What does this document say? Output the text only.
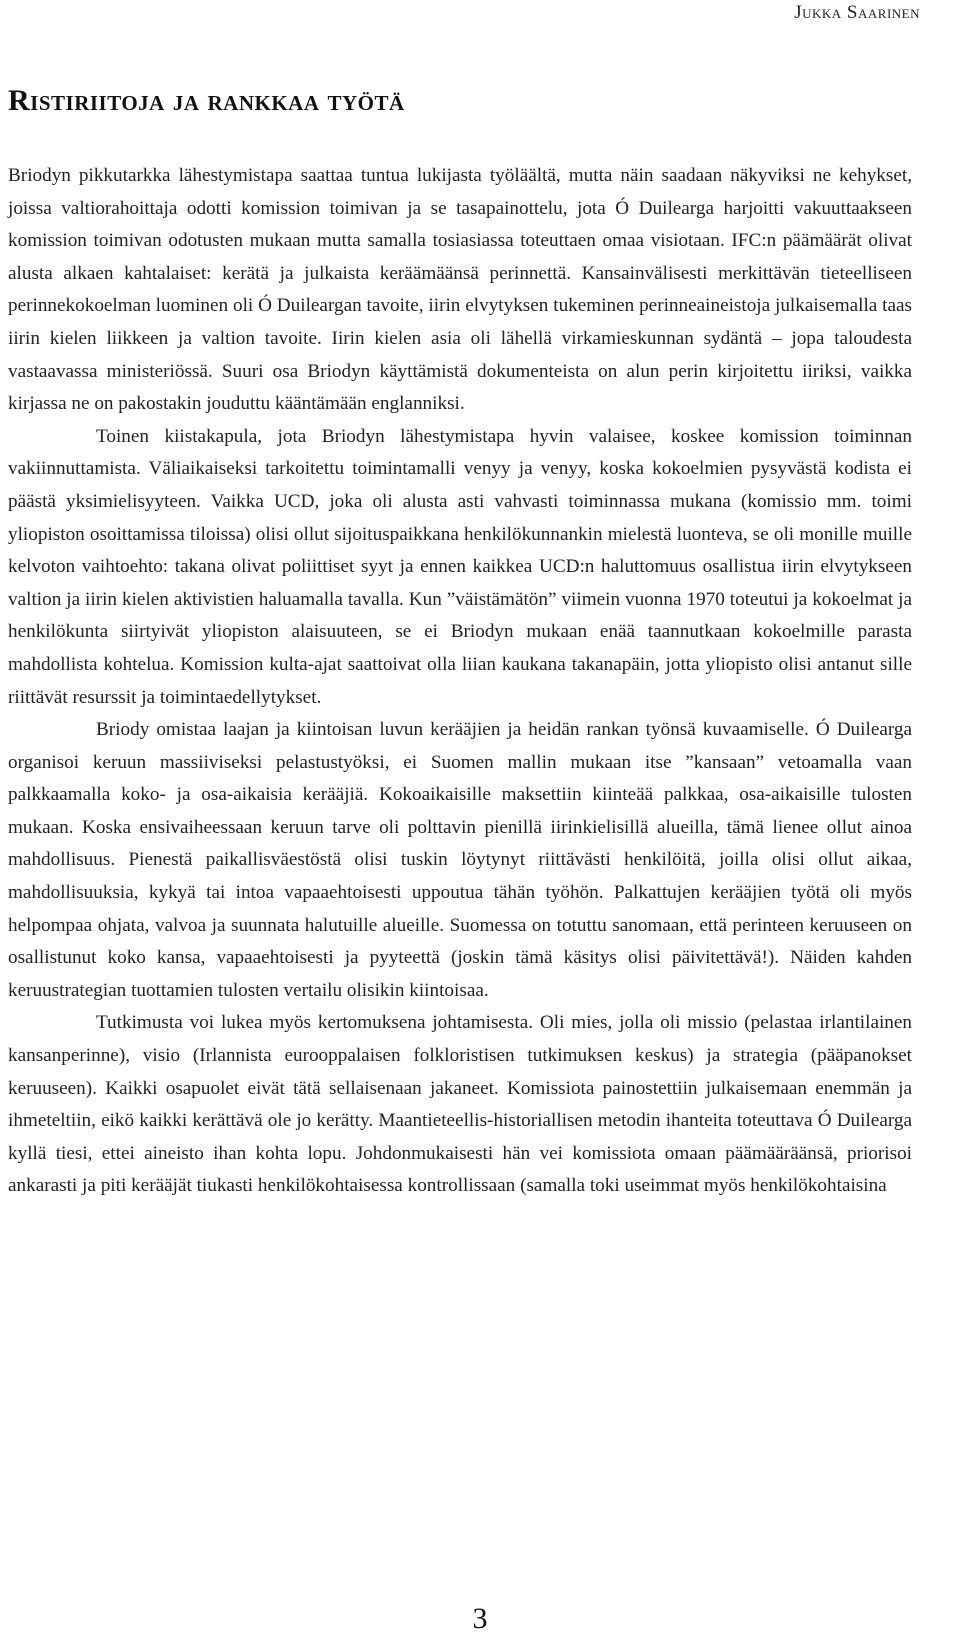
Jukka Saarinen
Ristiriitoja ja rankkaa työtä

Briodyn pikkutarkka lähestymistapa saattaa tuntua lukijasta työläältä, mutta näin saadaan näkyviksi ne kehykset, joissa valtiorahoittaja odotti komission toimivan ja se tasapainottelu, jota Ó Duilearga harjoitti vakuuttaakseen komission toimivan odotusten mukaan mutta samalla tosiasiassa toteuttaen omaa visiotaan. IFC:n päämäärät olivat alusta alkaen kahtalaiset: kerätä ja julkaista keräämäänsä perinnettä. Kansainvälisesti merkittävän tieteelliseen perinnekokoelman luominen oli Ó Duileargan tavoite, iirin elvytyksen tukeminen perinneaineistoja julkaisemalla taas iirin kielen liikkeen ja valtion tavoite. Iirin kielen asia oli lähellä virkamieskunnan sydäntä – jopa taloudesta vastaavassa ministeriössä. Suuri osa Briodyn käyttämistä dokumenteista on alun perin kirjoitettu iiriksi, vaikka kirjassa ne on pakostakin jouduttu kääntämään englanniksi.

Toinen kiistakapula, jota Briodyn lähestymistapa hyvin valaisee, koskee komission toiminnan vakiinnuttamista. Väliaikaiseksi tarkoitettu toimintamalli venyy ja venyy, koska kokoelmien pysyvästä kodista ei päästä yksimielisyyteen. Vaikka UCD, joka oli alusta asti vahvasti toiminnassa mukana (komissio mm. toimi yliopiston osoittamissa tiloissa) olisi ollut sijoituspaikkana henkilökunnankin mielestä luonteva, se oli monille muille kelvoton vaihtoehto: takana olivat poliittiset syyt ja ennen kaikkea UCD:n haluttomuus osallistua iirin elvytykseen valtion ja iirin kielen aktivistien haluamalla tavalla. Kun ”väistämätön” viimein vuonna 1970 toteutui ja kokoelmat ja henkilökunta siirtyivät yliopiston alaisuuteen, se ei Briodyn mukaan enää taannutkaan kokoelmille parasta mahdollista kohtelua. Komission kulta-ajat saattoivat olla liian kaukana takanapäin, jotta yliopisto olisi antanut sille riittävät resurssit ja toimintaedellytykset.

Briody omistaa laajan ja kiintoisan luvun kerääjien ja heidän rankan työnsä kuvaamiselle. Ó Duilearga organisoi keruun massiiviseksi pelastustyöksi, ei Suomen mallin mukaan itse ”kansaan” vetoamalla vaan palkkaamalla koko- ja osa-aikaisia kerääjiä. Kokoaikaisille maksettiin kiinteää palkkaa, osa-aikaisille tulosten mukaan. Koska ensivaiheessaan keruun tarve oli polttavin pienillä iirinkielisillä alueilla, tämä lienee ollut ainoa mahdollisuus. Pienestä paikallisväestöstä olisi tuskin löytynyt riittävästi henkilöitä, joilla olisi ollut aikaa, mahdollisuuksia, kykyä tai intoa vapaaehtoisesti uppoutua tähän työhön. Palkattujen kerääjien työtä oli myös helpompaa ohjata, valvoa ja suunnata halutuille alueille. Suomessa on totuttu sanomaan, että perinteen keruuseen on osallistunut koko kansa, vapaaehtoisesti ja pyyteettä (joskin tämä käsitys olisi päivitettävä!). Näiden kahden keruustrategian tuottamien tulosten vertailu olisikin kiintoisaa.

Tutkimusta voi lukea myös kertomuksena johtamisesta. Oli mies, jolla oli missio (pelastaa irlantilainen kansanperinne), visio (Irlannista eurooppalaisen folkloristisen tutkimuksen keskus) ja strategia (pääpanokset keruuseen). Kaikki osapuolet eivät tätä sellaisenaan jakaneet. Komissiota painostettiin julkaisemaan enemmän ja ihmeteltiin, eikö kaikki kerättävä ole jo kerätty. Maantieteellis-historiallisen metodin ihanteita toteuttava Ó Duilearga kyllä tiesi, ettei aineisto ihan kohta lopu. Johdonmukaisesti hän vei komissiota omaan päämääräänsä, priorisoi ankarasti ja piti kerääjät tiukasti henkilökohtaisessa kontrollissaan (samalla toki useimmat myös henkilökohtaisina

3
